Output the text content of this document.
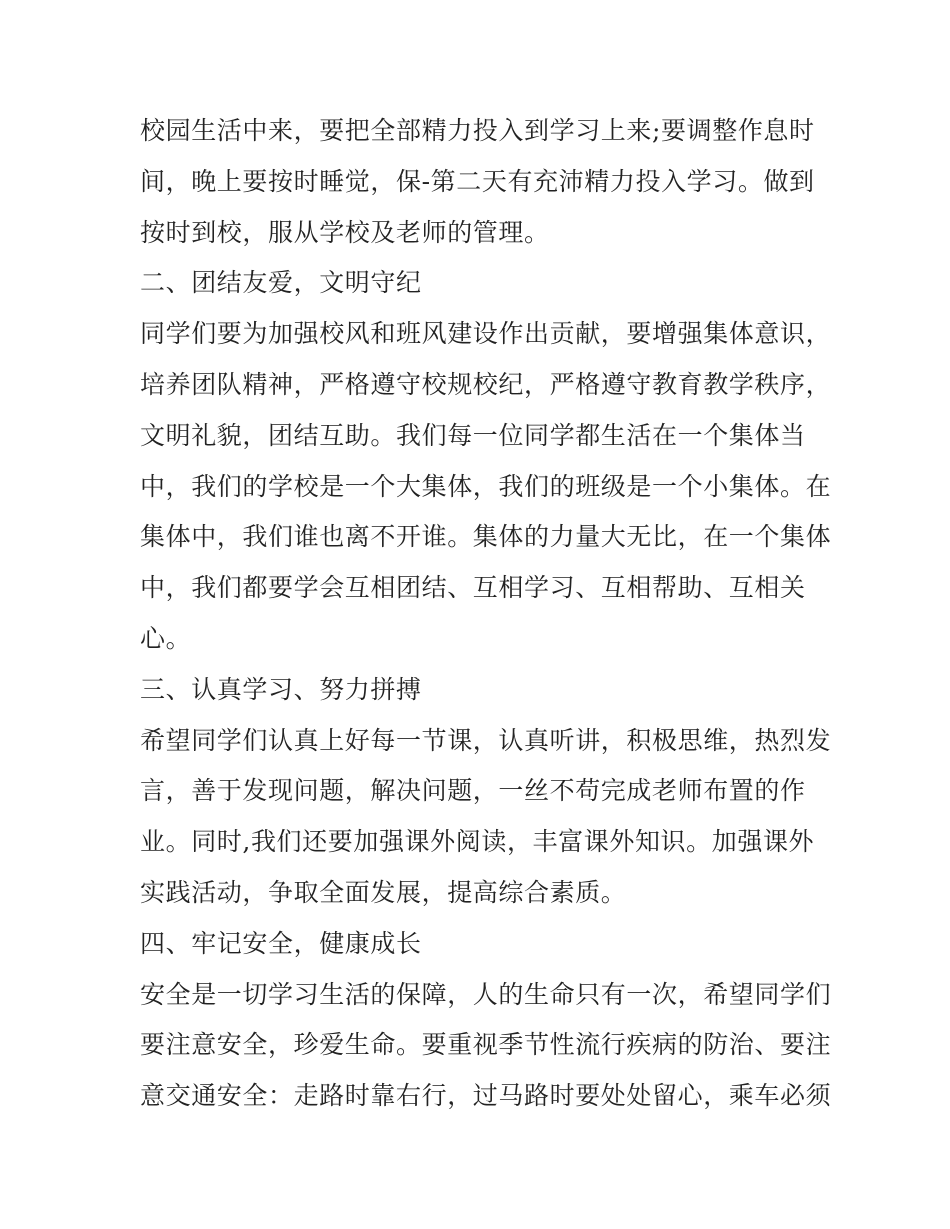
校园生活中来，要把全部精力投入到学习上来;要调整作息时
间，晚上要按时睡觉，保-第二天有充沛精力投入学习。做到
按时到校，服从学校及老师的管理。
二、团结友爱，文明守纪
同学们要为加强校风和班风建设作出贡献，要增强集体意识，
培养团队精神，严格遵守校规校纪，严格遵守教育教学秩序，
文明礼貌，团结互助。我们每一位同学都生活在一个集体当
中，我们的学校是一个大集体，我们的班级是一个小集体。在
集体中，我们谁也离不开谁。集体的力量大无比，在一个集体
中，我们都要学会互相团结、互相学习、互相帮助、互相关
心。
三、认真学习、努力拼搏
希望同学们认真上好每一节课，认真听讲，积极思维，热烈发
言，善于发现问题，解决问题，一丝不苟完成老师布置的作
业。同时,我们还要加强课外阅读，丰富课外知识。加强课外
实践活动，争取全面发展，提高综合素质。
四、牢记安全，健康成长
安全是一切学习生活的保障，人的生命只有一次，希望同学们
要注意安全，珍爱生命。要重视季节性流行疾病的防治、要注
意交通安全：走路时靠右行，过马路时要处处留心，乘车必须
